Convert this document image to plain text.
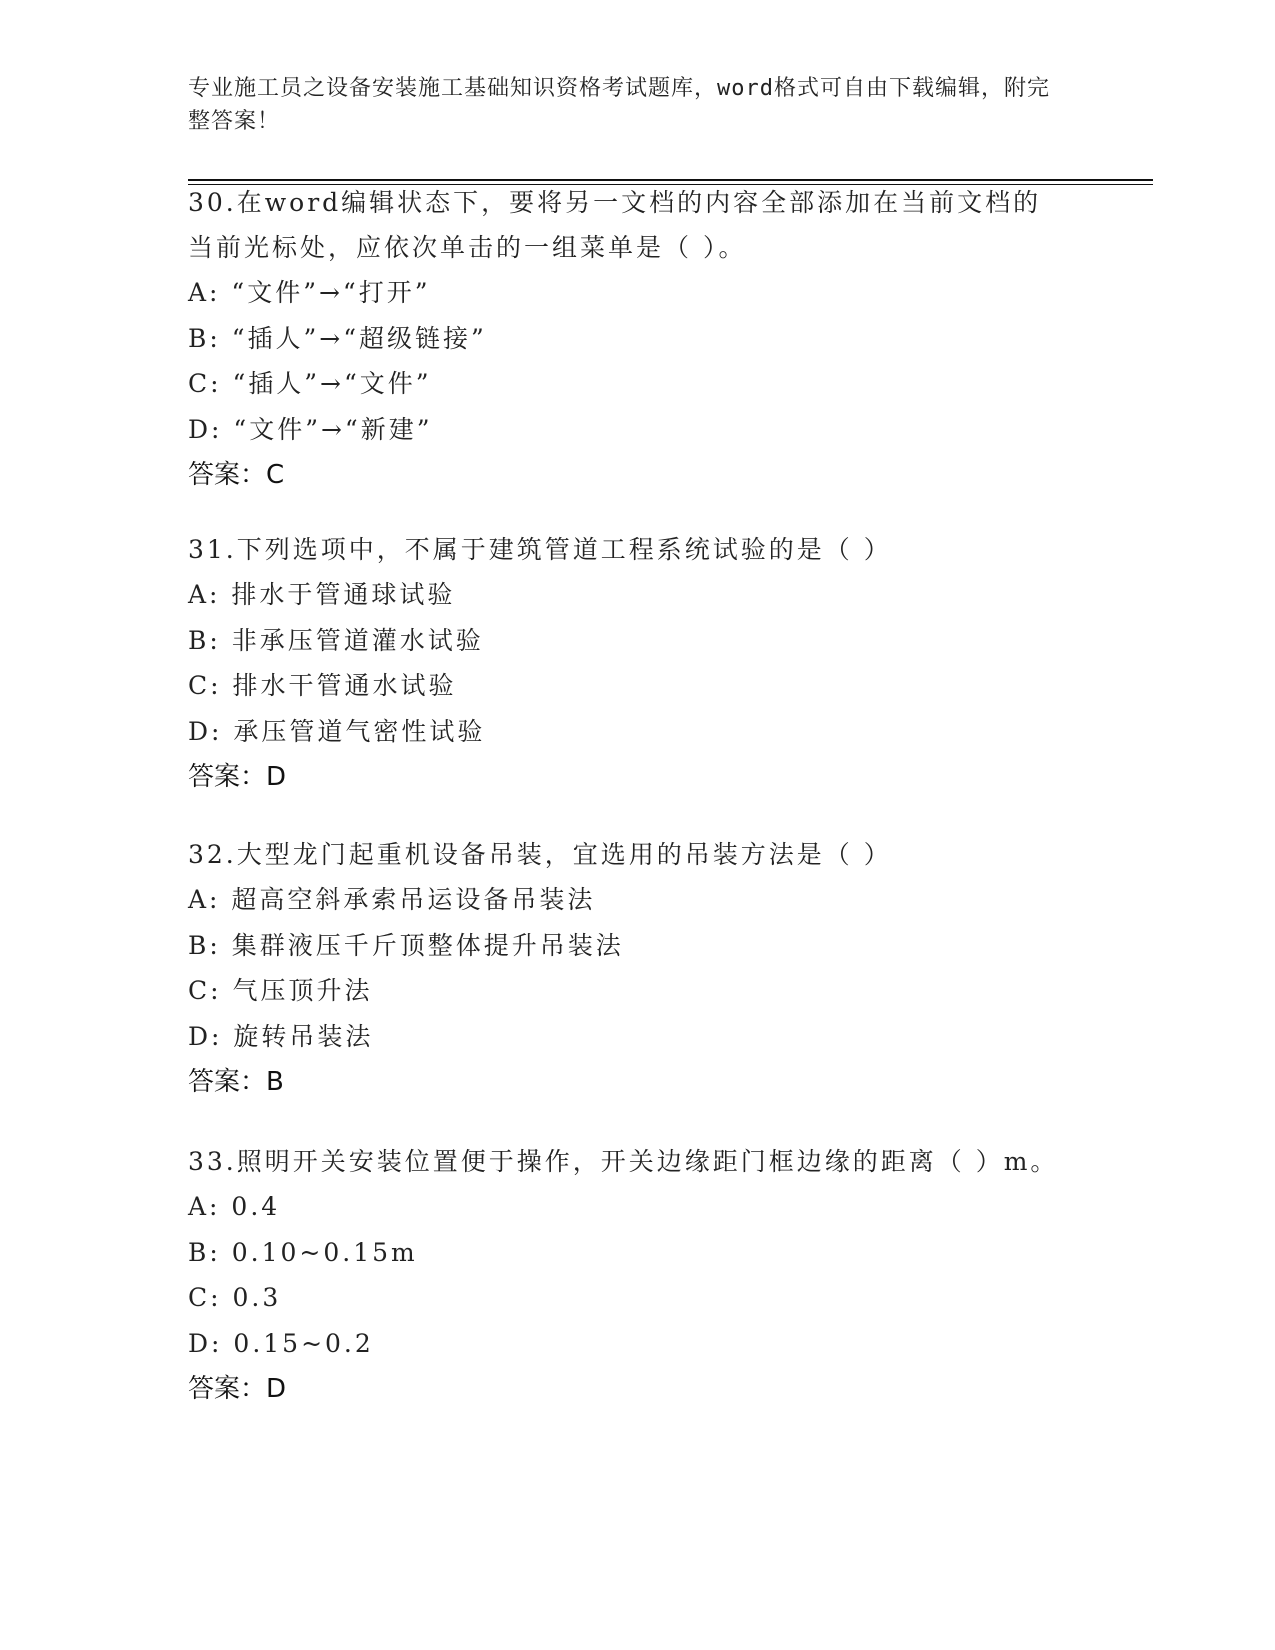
专业施工员之设备安装施工基础知识资格考试题库，word格式可自由下载编辑，附完整答案！
30.在word编辑状态下，要将另一文档的内容全部添加在当前文档的当前光标处，应依次单击的一组菜单是（ ）。
A: “文件”→“打开”
B: “插人”→“超级链接”
C: “插人”→“文件”
D: “文件”→“新建”
答案：C
31.下列选项中，不属于建筑管道工程系统试验的是（ ）
A: 排水于管通球试验
B: 非承压管道灌水试验
C: 排水干管通水试验
D: 承压管道气密性试验
答案：D
32.大型龙门起重机设备吊装，宜选用的吊装方法是（ ）
A: 超高空斜承索吊运设备吊装法
B: 集群液压千斤顶整体提升吊装法
C: 气压顶升法
D: 旋转吊装法
答案：B
33.照明开关安装位置便于操作，开关边缘距门框边缘的距离（ ）m。
A: 0.4
B: 0.10~0.15m
C: 0.3
D: 0.15~0.2
答案：D
